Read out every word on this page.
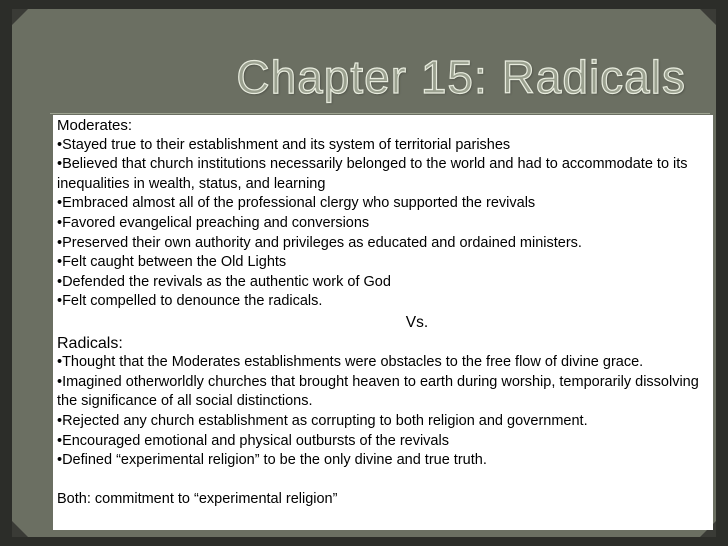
Chapter 15: Radicals

Moderates:

•Stayed true to their establishment and its system of territorial parishes

•Believed that church institutions necessarily belonged to the world and had to accommodate to its inequalities in wealth, status, and learning

•Embraced almost all of the professional clergy who supported the revivals

•Favored evangelical preaching and conversions

•Preserved their own authority and privileges as educated and ordained ministers.

•Felt caught between the Old Lights

•Defended the revivals as the authentic work of God

•Felt compelled to denounce the radicals.

Vs.

Radicals:

•Thought that the Moderates establishments were obstacles to the free flow of divine grace.

•Imagined otherworldly churches that brought heaven to earth during worship, temporarily dissolving the significance of all social distinctions.

•Rejected any church establishment as corrupting to both religion and government.

•Encouraged emotional and physical outbursts of the revivals

•Defined “experimental religion” to be the only divine and true truth.

Both: commitment to “experimental religion”
